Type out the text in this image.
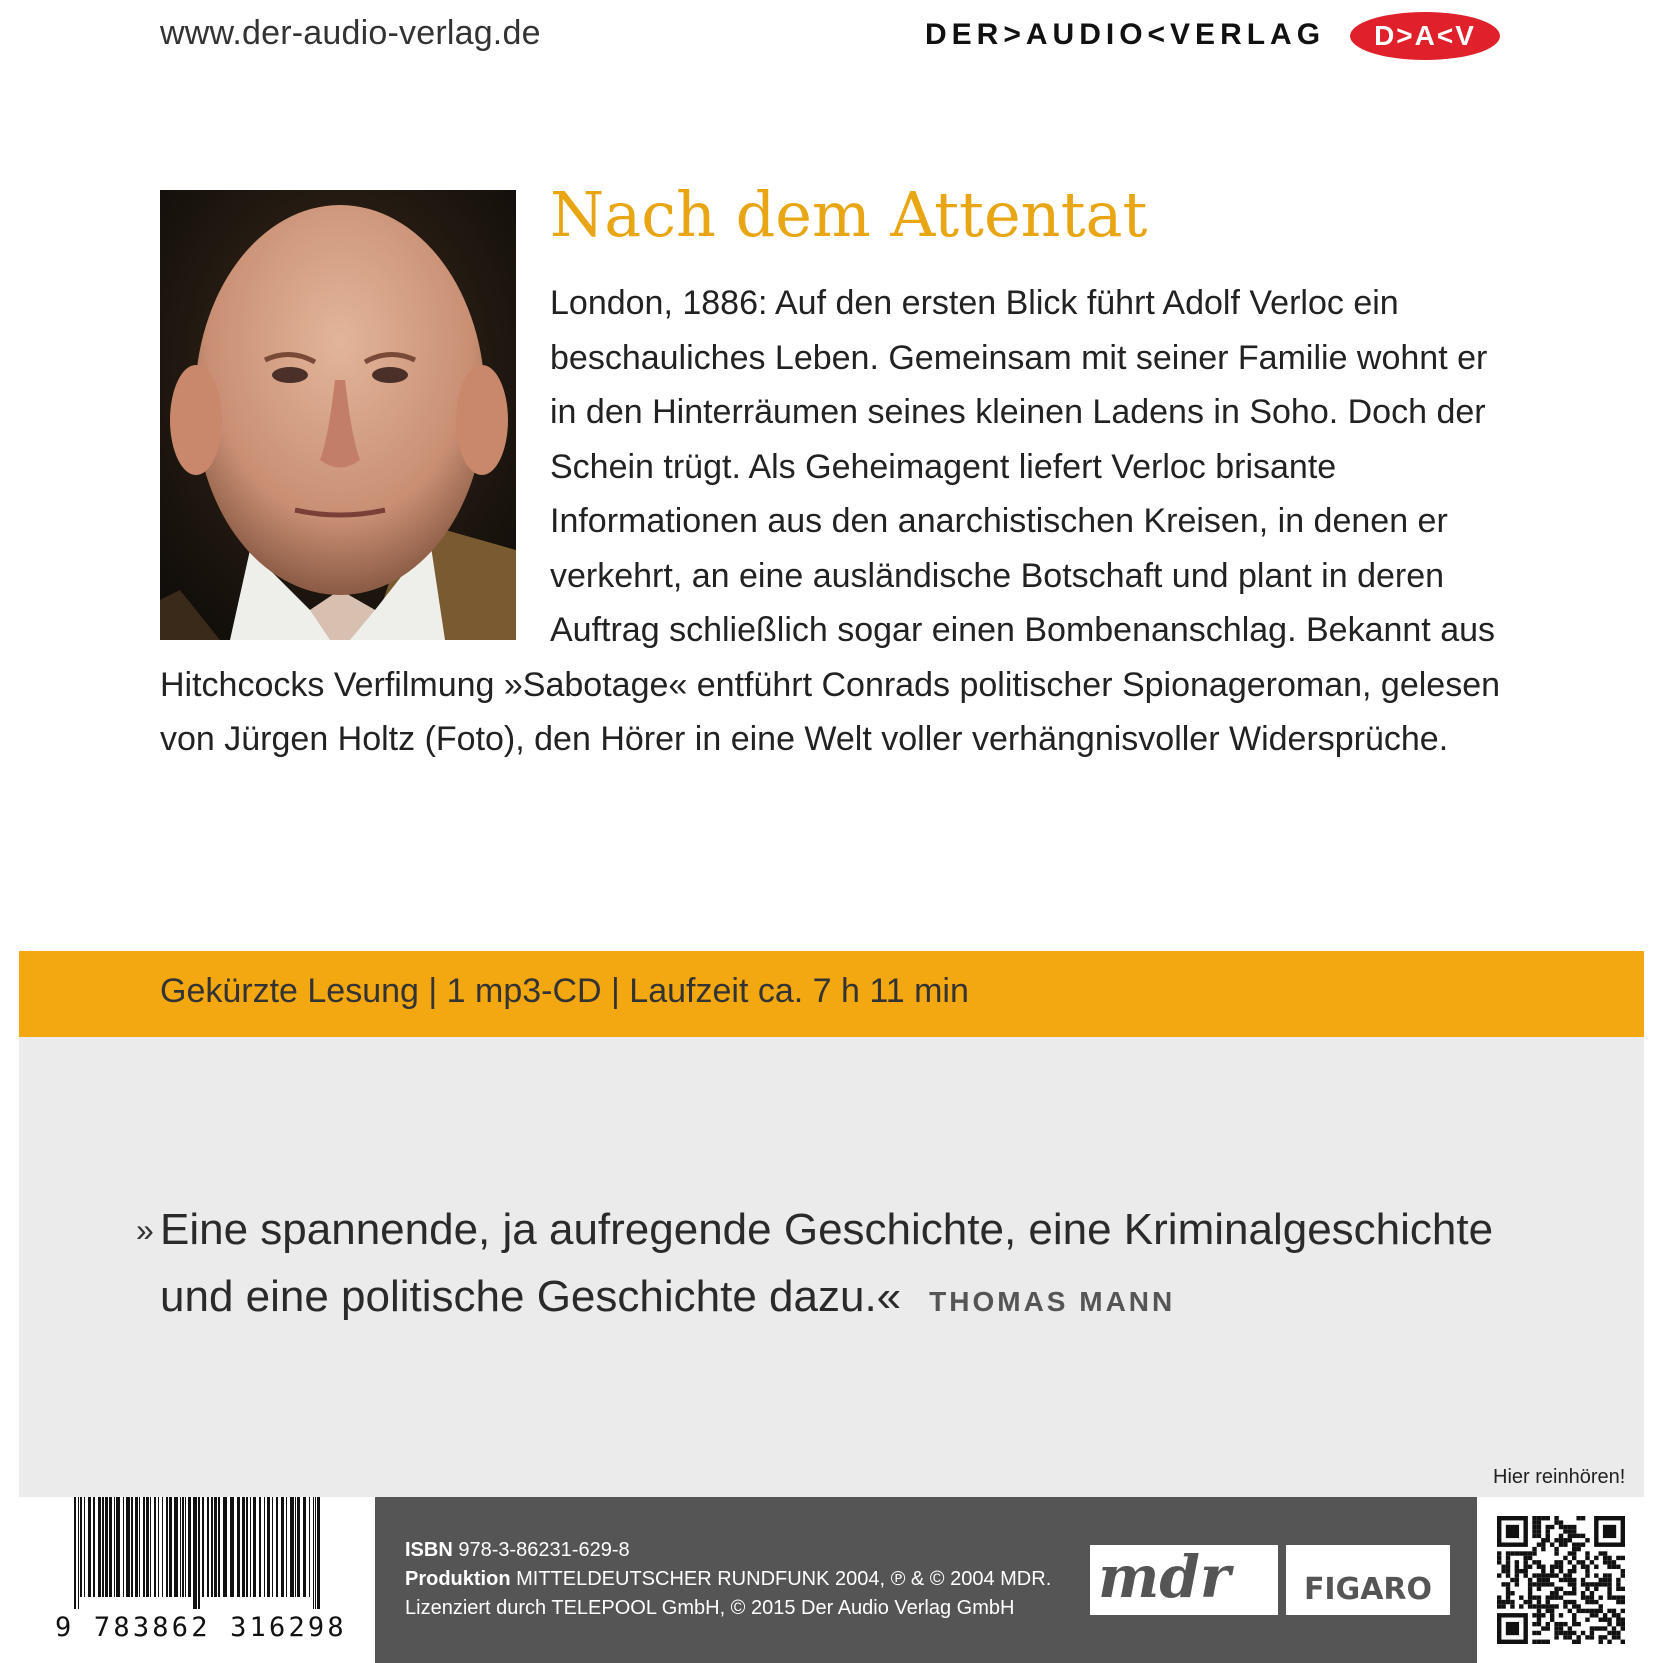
www.der-audio-verlag.de	DER>AUDIO<VERLAG	D>A<V
Nach dem Attentat
London, 1886: Auf den ersten Blick führt Adolf Verloc ein beschauliches Leben. Gemeinsam mit seiner Familie wohnt er in den Hinterräumen seines kleinen Ladens in Soho. Doch der Schein trügt. Als Geheimagent liefert Verloc brisante Informationen aus den anarchistischen Kreisen, in denen er verkehrt, an eine ausländische Botschaft und plant in deren Auftrag schließlich sogar einen Bombenanschlag. Bekannt aus Hitchcocks Verfilmung »Sabotage« entführt Conrads politischer Spionageroman, gelesen von Jürgen Holtz (Foto), den Hörer in eine Welt voller verhängnisvoller Widersprüche.
Gekürzte Lesung | 1 mp3-CD | Laufzeit ca. 7 h 11 min
» Eine spannende, ja aufregende Geschichte, eine Kriminalgeschichte und eine politische Geschichte dazu.« THOMAS MANN
Hier reinhören!
9 783862 316298
ISBN 978-3-86231-629-8
Produktion MITTELDEUTSCHER RUNDFUNK 2004, ℗ & © 2004 MDR.
Lizenziert durch TELEPOOL GmbH, © 2015 Der Audio Verlag GmbH	mdr FIGARO
